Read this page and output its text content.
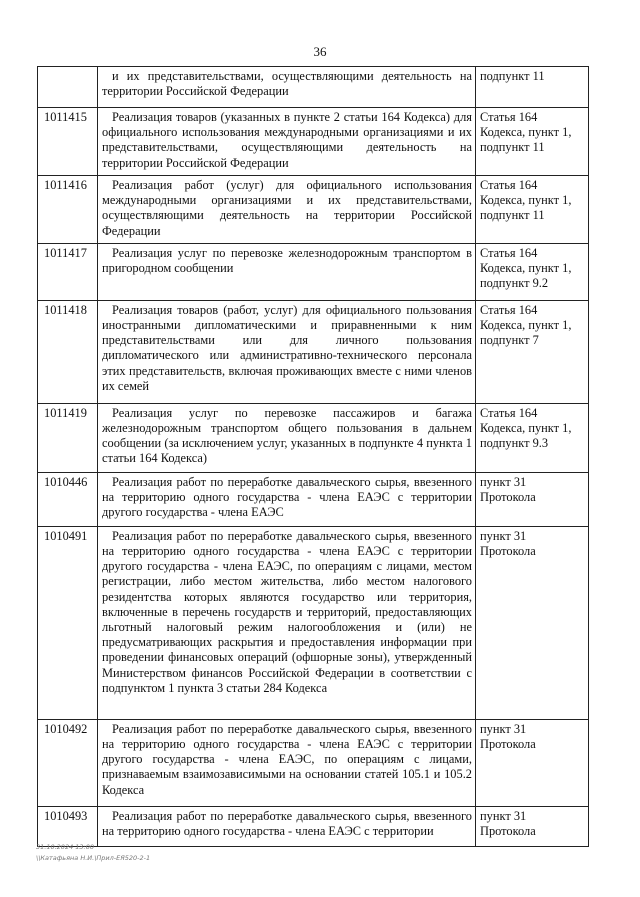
36
	и их представительствами, осуществляющими деятельность на территории Российской Федерации	подпункт 11
1011415	Реализация товаров (указанных в пункте 2 статьи 164 Кодекса) для официального использования международными организациями и их представительствами, осуществляющими деятельность на территории Российской Федерации	Статья 164 Кодекса, пункт 1, подпункт 11
1011416	Реализация работ (услуг) для официального использования международными организациями и их представительствами, осуществляющими деятельность на территории Российской Федерации	Статья 164 Кодекса, пункт 1, подпункт 11
1011417	Реализация услуг по перевозке железнодорожным транспортом в пригородном сообщении	Статья 164 Кодекса, пункт 1, подпункт 9.2
1011418	Реализация товаров (работ, услуг) для официального пользования иностранными дипломатическими и приравненными к ним представительствами или для личного пользования дипломатического или административно-технического персонала этих представительств, включая проживающих вместе с ними членов их семей	Статья 164 Кодекса, пункт 1, подпункт 7
1011419	Реализация услуг по перевозке пассажиров и багажа железнодорожным транспортом общего пользования в дальнем сообщении (за исключением услуг, указанных в подпункте 4 пункта 1 статьи 164 Кодекса)	Статья 164 Кодекса, пункт 1, подпункт 9.3
1010446	Реализация работ по переработке давальческого сырья, ввезенного на территорию одного государства - члена ЕАЭС с территории другого государства - члена ЕАЭС	пункт 31 Протокола
1010491	Реализация работ по переработке давальческого сырья, ввезенного на территорию одного государства - члена ЕАЭС с территории другого государства - члена ЕАЭС, по операциям с лицами, местом регистрации, либо местом жительства, либо местом налогового резидентства которых являются государство или территория, включенные в перечень государств и территорий, предоставляющих льготный налоговый режим налогообложения и (или) не предусматривающих раскрытия и предоставления информации при проведении финансовых операций (офшорные зоны), утвержденный Министерством финансов Российской Федерации в соответствии с подпунктом 1 пункта 3 статьи 284 Кодекса	пункт 31 Протокола
1010492	Реализация работ по переработке давальческого сырья, ввезенного на территорию одного государства - члена ЕАЭС с территории другого государства - члена ЕАЭС, по операциям с лицами, признаваемым взаимозависимыми на основании статей 105.1 и 105.2 Кодекса	пункт 31 Протокола
1010493	Реализация работ по переработке давальческого сырья, ввезенного на территорию одного государства - члена ЕАЭС с территории	пункт 31 Протокола
31.10.2024 13:00
\\Катафьяна Н.И.\Прил-ЕЯ520-2-1
